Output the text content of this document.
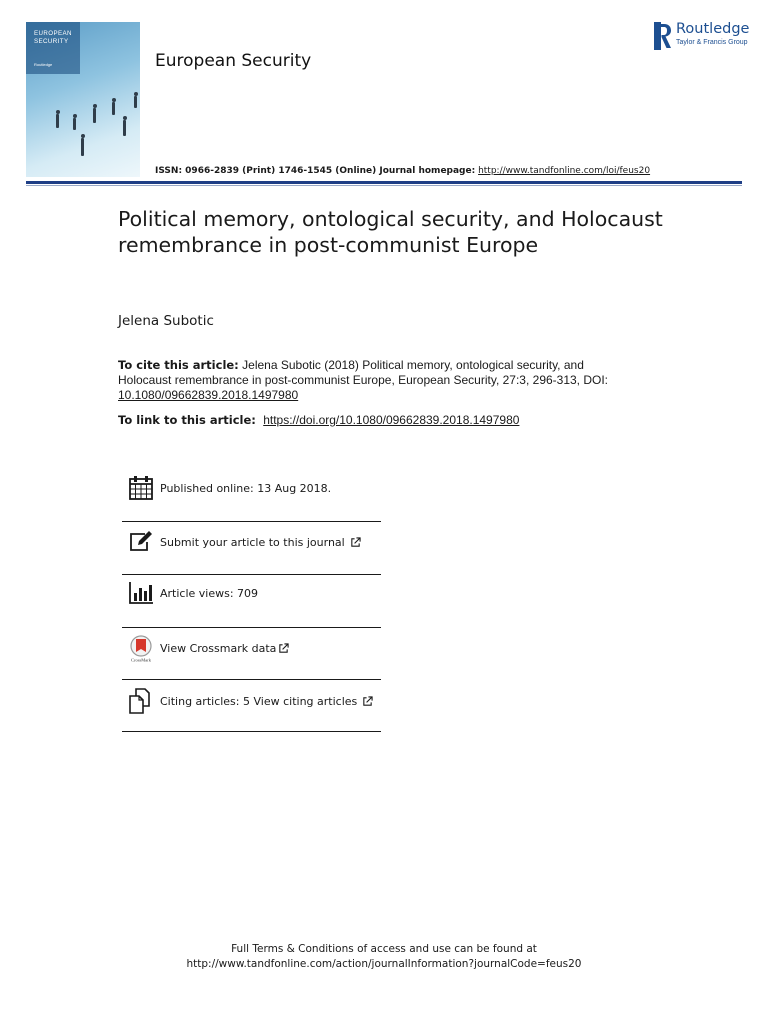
EUROPEAN
SECURITY
Routledge	European Security
Routledge
Taylor & Francis Group
ISSN: 0966-2839 (Print) 1746-1545 (Online) Journal homepage: http://www.tandfonline.com/loi/feus20
Political memory, ontological security, and Holocaust remembrance in post-communist Europe
Jelena Subotic
To cite this article: Jelena Subotic (2018) Political memory, ontological security, and Holocaust remembrance in post-communist Europe, European Security, 27:3, 296-313, DOI: 10.1080/09662839.2018.1497980
To link to this article: https://doi.org/10.1080/09662839.2018.1497980
Published online: 13 Aug 2018.
Submit your article to this journal
Article views: 709
CrossMark
View Crossmark data
Citing articles: 5 View citing articles
Full Terms & Conditions of access and use can be found at
http://www.tandfonline.com/action/journalInformation?journalCode=feus20
